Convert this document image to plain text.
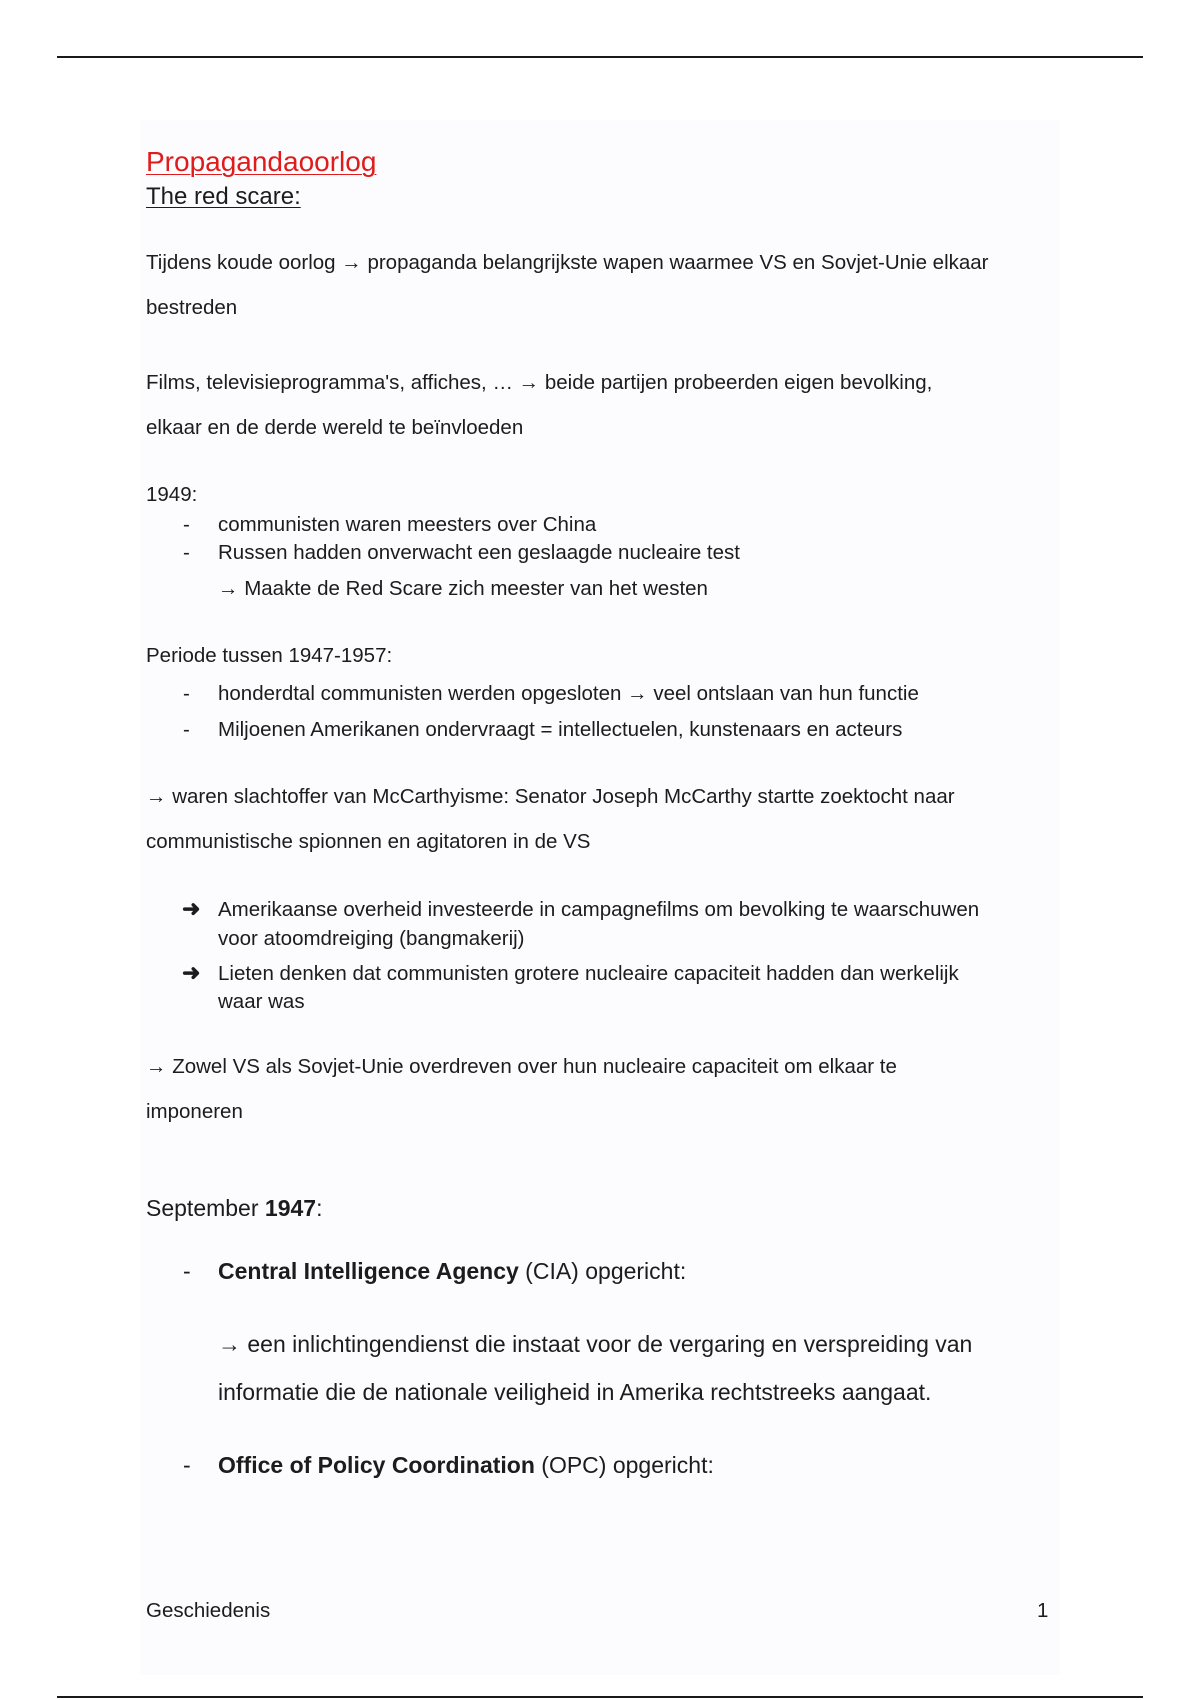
Propagandaoorlog
The red scare:
Tijdens koude oorlog → propaganda belangrijkste wapen waarmee VS en Sovjet-Unie elkaar
bestreden
Films, televisieprogramma's, affiches, … → beide partijen probeerden eigen bevolking,
elkaar en de derde wereld te beïnvloeden
1949:
- communisten waren meesters over China
- Russen hadden onverwacht een geslaagde nucleaire test
→ Maakte de Red Scare zich meester van het westen
Periode tussen 1947-1957:
- honderdtal communisten werden opgesloten → veel ontslaan van hun functie
- Miljoenen Amerikanen ondervraagt = intellectuelen, kunstenaars en acteurs
→ waren slachtoffer van McCarthyisme: Senator Joseph McCarthy startte zoektocht naar
communistische spionnen en agitatoren in de VS
➜ Amerikaanse overheid investeerde in campagnefilms om bevolking te waarschuwen
voor atoomdreiging (bangmakerij)
➜ Lieten denken dat communisten grotere nucleaire capaciteit hadden dan werkelijk
waar was
→ Zowel VS als Sovjet-Unie overdreven over hun nucleaire capaciteit om elkaar te
imponeren
September 1947:
- Central Intelligence Agency (CIA) opgericht:
→ een inlichtingendienst die instaat voor de vergaring en verspreiding van
informatie die de nationale veiligheid in Amerika rechtstreeks aangaat.
- Office of Policy Coordination (OPC) opgericht:
Geschiedenis	1
